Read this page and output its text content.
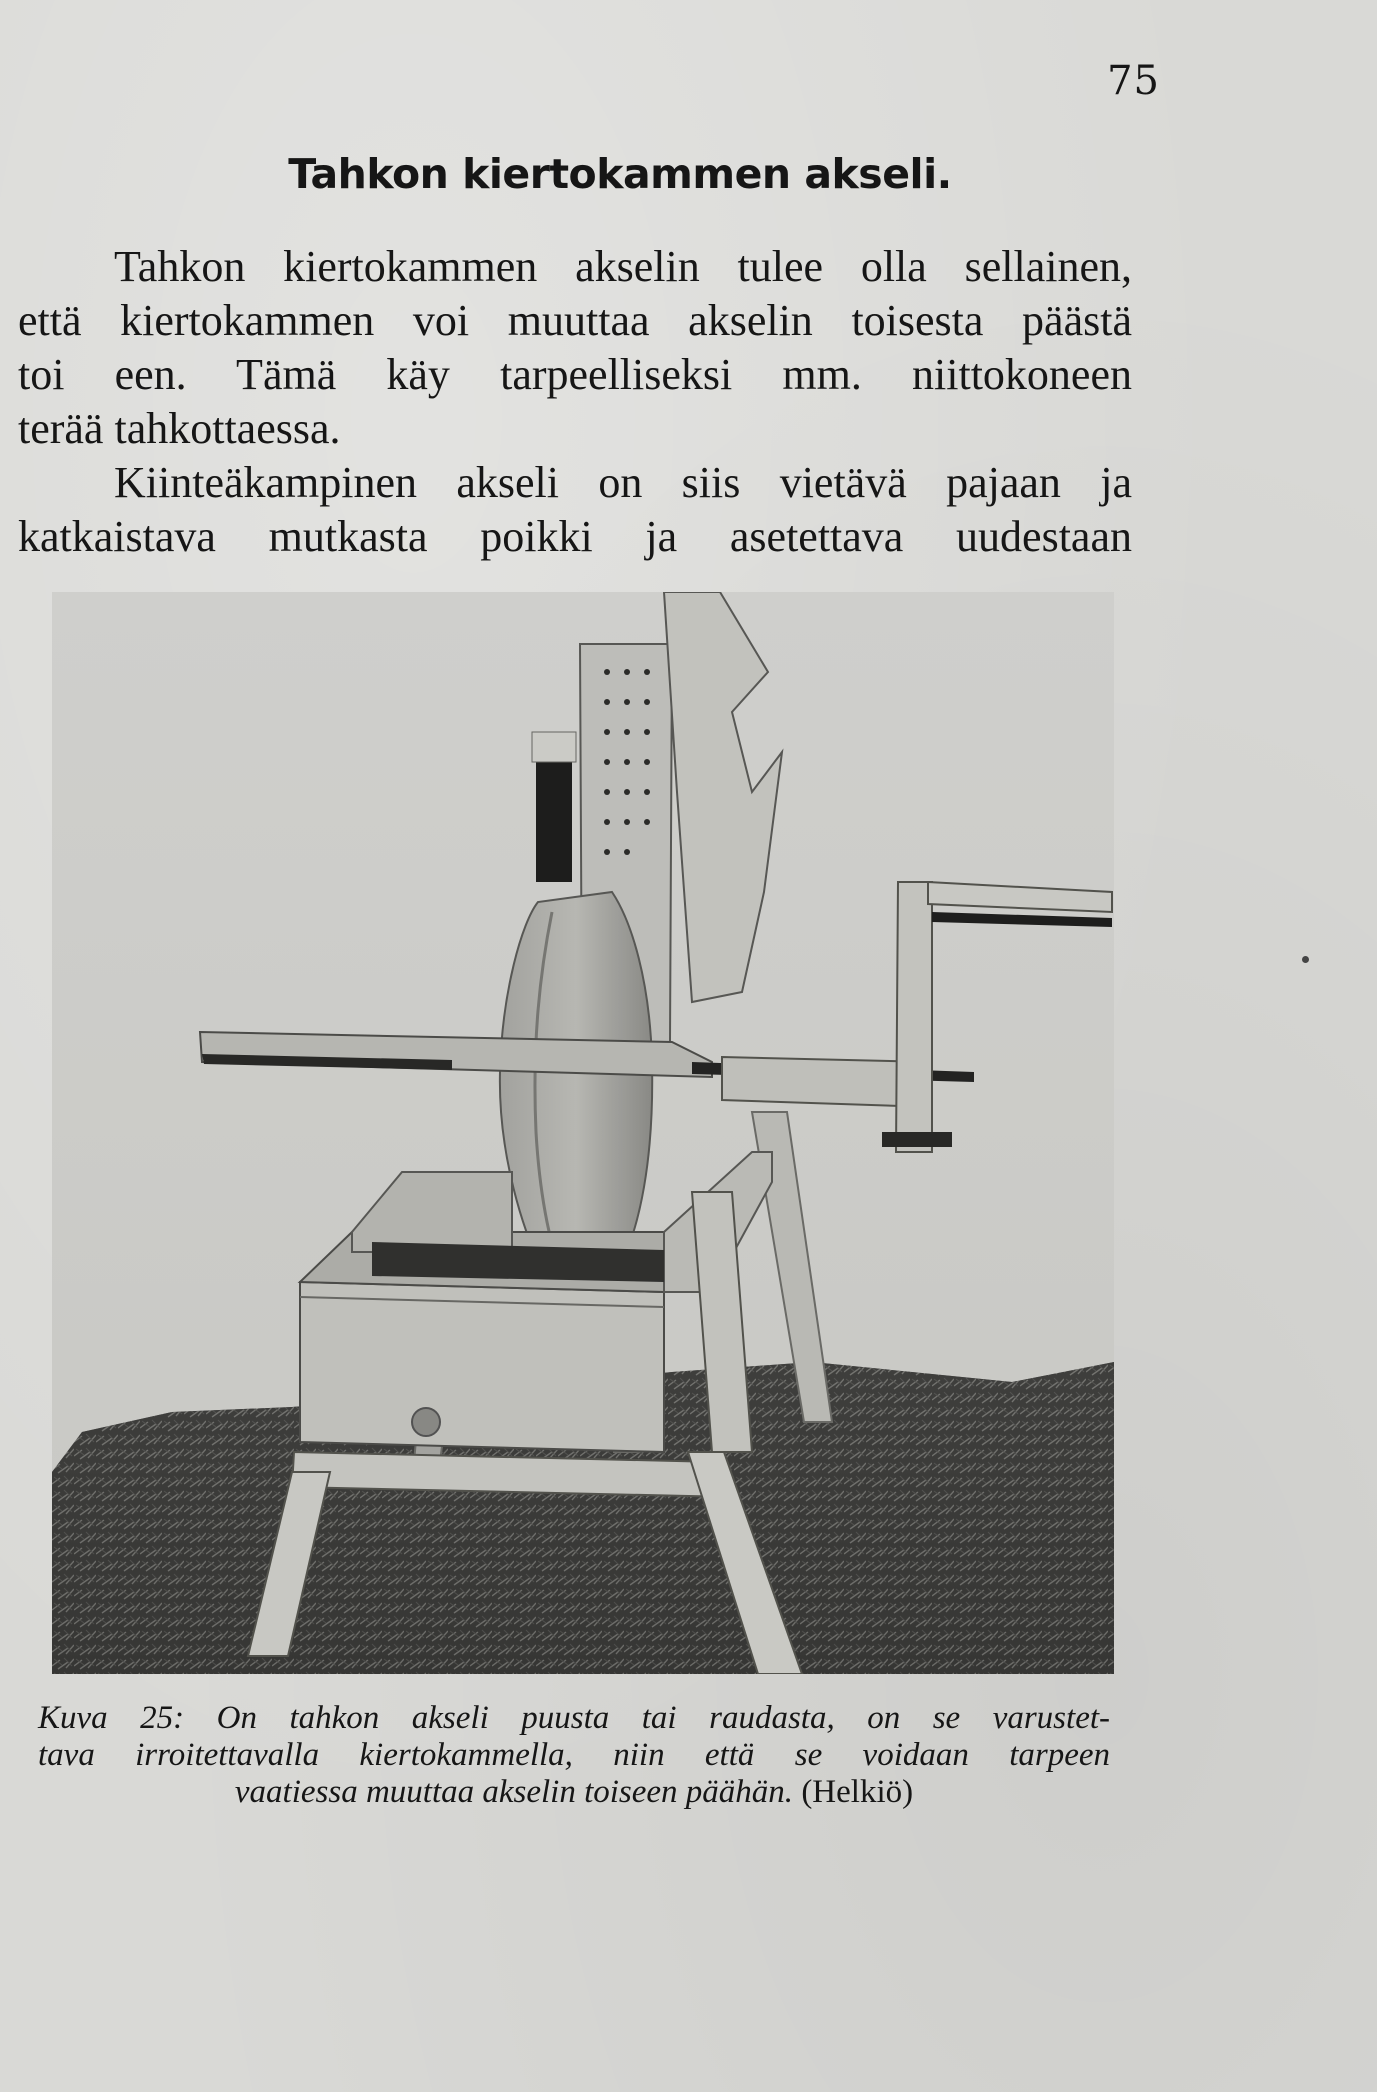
75
Tahkon kiertokammen akseli.
Tahkon kiertokammen akselin tulee olla sellainen,
että kiertokammen voi muuttaa akselin toisesta päästä
toi een. Tämä käy tarpeelliseksi mm. niittokoneen
terää tahkottaessa.
Kiinteäkampinen akseli on siis vietävä pajaan ja
katkaistava mutkasta poikki ja asetettava uudestaan
Kuva 25: On tahkon akseli puusta tai raudasta, on se varustet-
tava irroitettavalla kiertokammella, niin että se voidaan tarpeen
vaatiessa muuttaa akselin toiseen päähän. (Helkiö)
